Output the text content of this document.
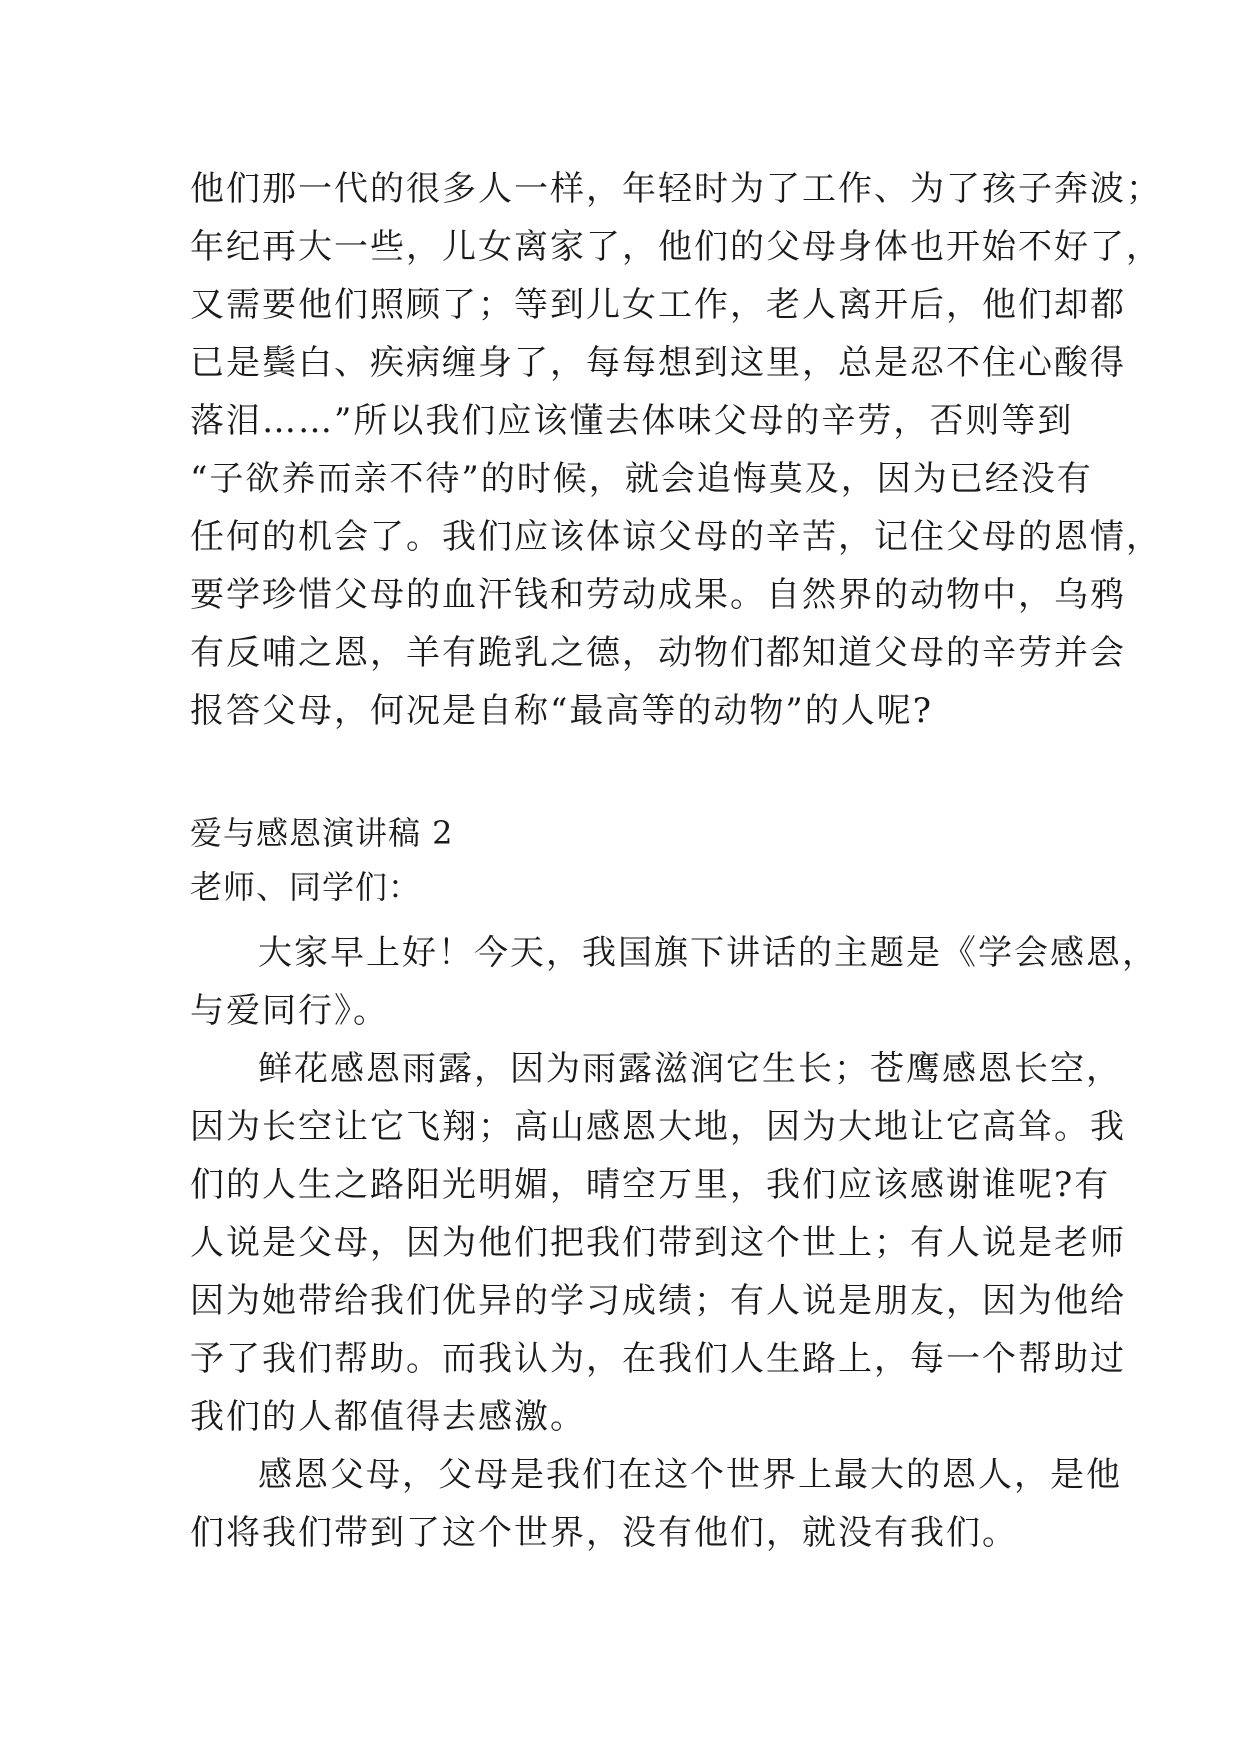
他们那一代的很多人一样，年轻时为了工作、为了孩子奔波；
年纪再大一些，儿女离家了，他们的父母身体也开始不好了，
又需要他们照顾了；等到儿女工作，老人离开后，他们却都
已是鬓白、疾病缠身了，每每想到这里，总是忍不住心酸得
落泪……”所以我们应该懂去体味父母的辛劳，否则等到
“子欲养而亲不待”的时候，就会追悔莫及，因为已经没有
任何的机会了。我们应该体谅父母的辛苦，记住父母的恩情，
要学珍惜父母的血汗钱和劳动成果。自然界的动物中，乌鸦
有反哺之恩，羊有跪乳之德，动物们都知道父母的辛劳并会
报答父母，何况是自称“最高等的动物”的人呢?
爱与感恩演讲稿 2
老师、同学们：
大家早上好！今天，我国旗下讲话的主题是《学会感恩，
与爱同行》。
鲜花感恩雨露，因为雨露滋润它生长；苍鹰感恩长空，
因为长空让它飞翔；高山感恩大地，因为大地让它高耸。我
们的人生之路阳光明媚，晴空万里，我们应该感谢谁呢?有
人说是父母，因为他们把我们带到这个世上；有人说是老师
因为她带给我们优异的学习成绩；有人说是朋友，因为他给
予了我们帮助。而我认为，在我们人生路上，每一个帮助过
我们的人都值得去感激。
感恩父母，父母是我们在这个世界上最大的恩人，是他
们将我们带到了这个世界，没有他们，就没有我们。
